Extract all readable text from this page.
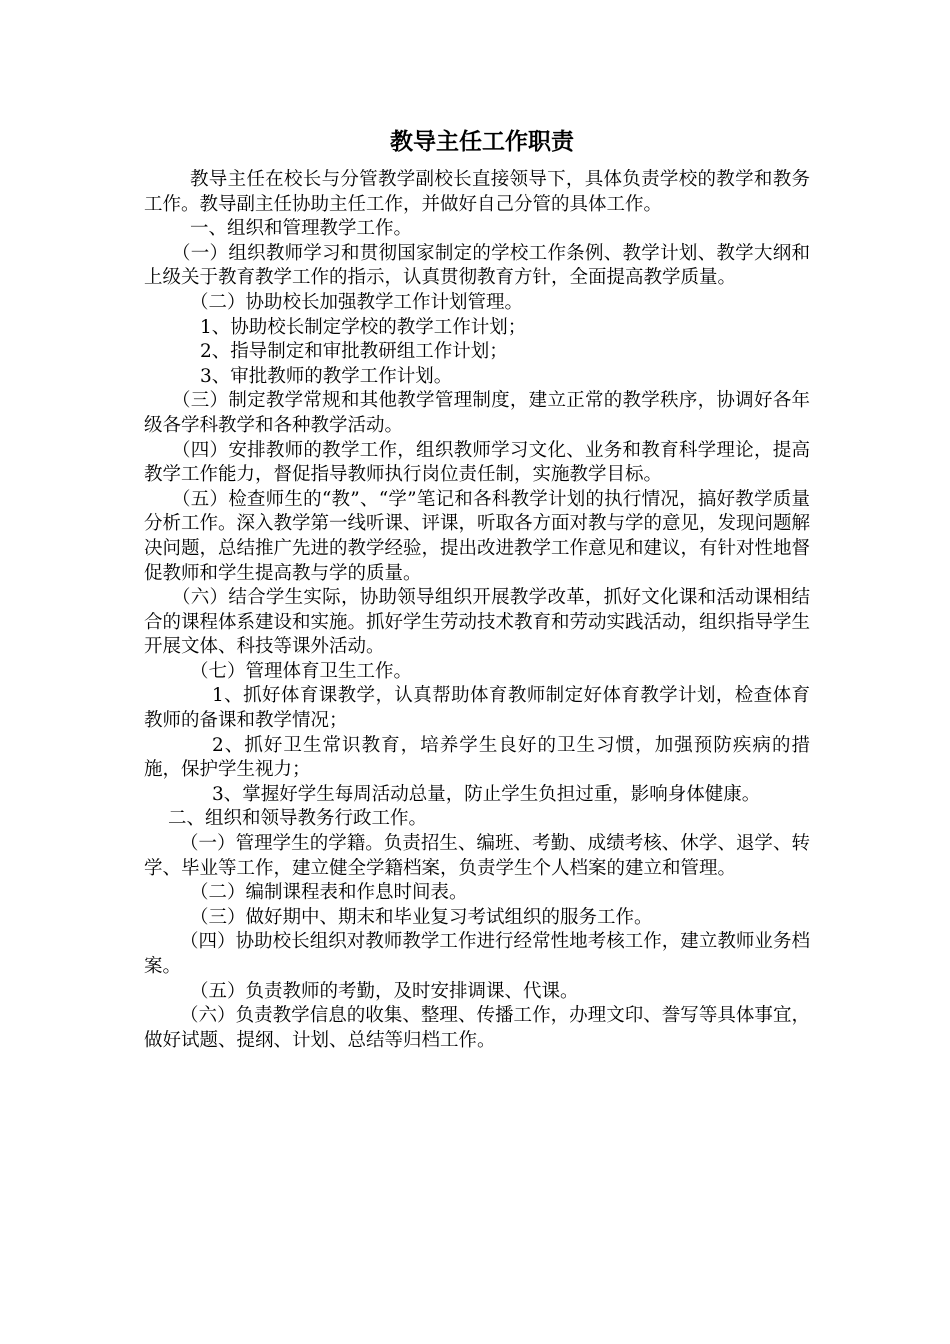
教导主任工作职责

教导主任在校长与分管教学副校长直接领导下，具体负责学校的教学和教务工作。教导副主任协助主任工作，并做好自己分管的具体工作。

一、组织和管理教学工作。

（一）组织教师学习和贯彻国家制定的学校工作条例、教学计划、教学大纲和上级关于教育教学工作的指示，认真贯彻教育方针，全面提高教学质量。

（二）协助校长加强教学工作计划管理。

1、协助校长制定学校的教学工作计划；

2、指导制定和审批教研组工作计划；

3、审批教师的教学工作计划。

（三）制定教学常规和其他教学管理制度，建立正常的教学秩序，协调好各年级各学科教学和各种教学活动。

（四）安排教师的教学工作，组织教师学习文化、业务和教育科学理论，提高教学工作能力，督促指导教师执行岗位责任制，实施教学目标。

（五）检查师生的“教”、“学”笔记和各科教学计划的执行情况，搞好教学质量分析工作。深入教学第一线听课、评课，听取各方面对教与学的意见，发现问题解决问题，总结推广先进的教学经验，提出改进教学工作意见和建议，有针对性地督促教师和学生提高教与学的质量。

（六）结合学生实际，协助领导组织开展教学改革，抓好文化课和活动课相结合的课程体系建设和实施。抓好学生劳动技术教育和劳动实践活动，组织指导学生开展文体、科技等课外活动。

（七）管理体育卫生工作。

1、抓好体育课教学，认真帮助体育教师制定好体育教学计划，检查体育教师的备课和教学情况；

2、抓好卫生常识教育，培养学生良好的卫生习惯，加强预防疾病的措施，保护学生视力；

3、掌握好学生每周活动总量，防止学生负担过重，影响身体健康。

二、组织和领导教务行政工作。

（一）管理学生的学籍。负责招生、编班、考勤、成绩考核、休学、退学、转学、毕业等工作，建立健全学籍档案，负责学生个人档案的建立和管理。

（二）编制课程表和作息时间表。

（三）做好期中、期末和毕业复习考试组织的服务工作。

（四）协助校长组织对教师教学工作进行经常性地考核工作，建立教师业务档案。

（五）负责教师的考勤，及时安排调课、代课。

（六）负责教学信息的收集、整理、传播工作，办理文印、誊写等具体事宜，做好试题、提纲、计划、总结等归档工作。
